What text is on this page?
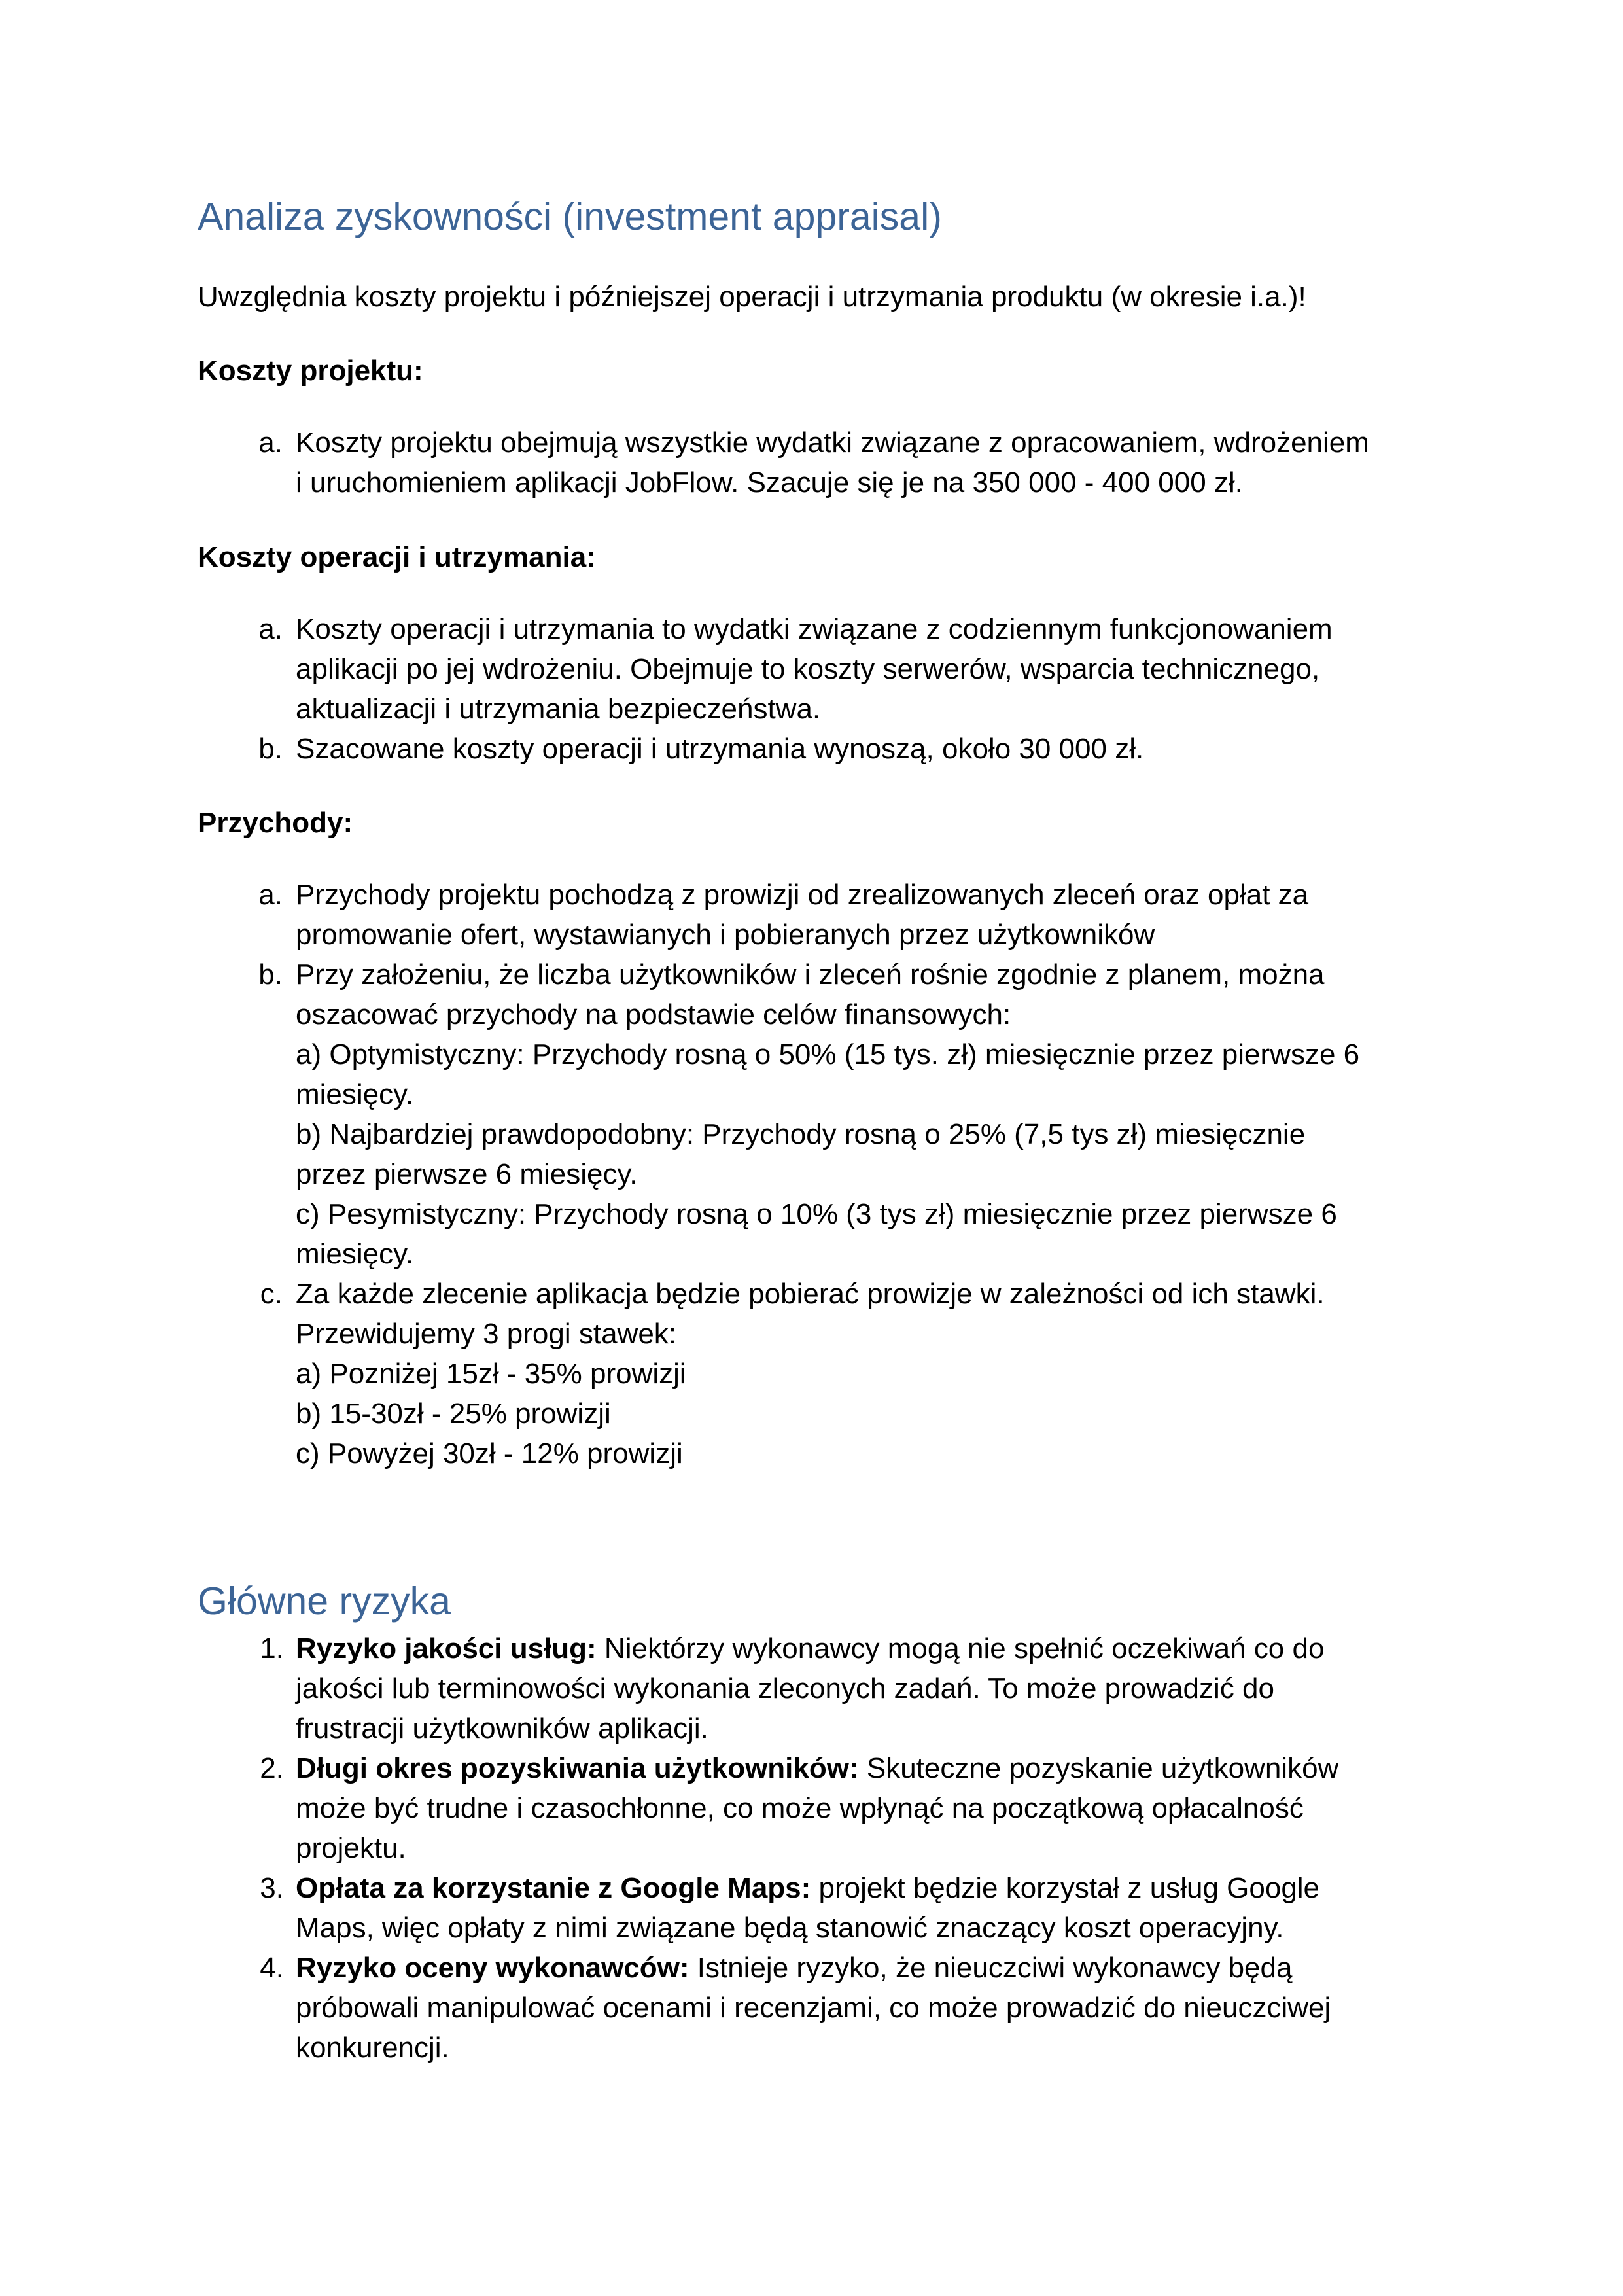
Analiza zyskowności (investment appraisal)

Uwzględnia koszty projektu i późniejszej operacji i utrzymania produktu (w okresie i.a.)!

Koszty projektu:

a. Koszty projektu obejmują wszystkie wydatki związane z opracowaniem, wdrożeniem
i uruchomieniem aplikacji JobFlow. Szacuje się je na 350 000 - 400 000 zł.

Koszty operacji i utrzymania:

a. Koszty operacji i utrzymania to wydatki związane z codziennym funkcjonowaniem
aplikacji po jej wdrożeniu. Obejmuje to koszty serwerów, wsparcia technicznego,
aktualizacji i utrzymania bezpieczeństwa.
b. Szacowane koszty operacji i utrzymania wynoszą, około 30 000 zł.

Przychody:

a. Przychody projektu pochodzą z prowizji od zrealizowanych zleceń oraz opłat za
promowanie ofert, wystawianych i pobieranych przez użytkowników
b. Przy założeniu, że liczba użytkowników i zleceń rośnie zgodnie z planem, można
oszacować przychody na podstawie celów finansowych:
a) Optymistyczny: Przychody rosną o 50% (15 tys. zł) miesięcznie przez pierwsze 6
miesięcy.
b) Najbardziej prawdopodobny: Przychody rosną o 25% (7,5 tys zł) miesięcznie
przez pierwsze 6 miesięcy.
c) Pesymistyczny: Przychody rosną o 10% (3 tys zł) miesięcznie przez pierwsze 6
miesięcy.
c. Za każde zlecenie aplikacja będzie pobierać prowizje w zależności od ich stawki.
Przewidujemy 3 progi stawek:
a) Pozniżej 15zł - 35% prowizji
b) 15-30zł - 25% prowizji
c) Powyżej 30zł - 12% prowizji
Główne ryzyka
1. Ryzyko jakości usług: Niektórzy wykonawcy mogą nie spełnić oczekiwań co do
jakości lub terminowości wykonania zleconych zadań. To może prowadzić do
frustracji użytkowników aplikacji.
2. Długi okres pozyskiwania użytkowników: Skuteczne pozyskanie użytkowników
może być trudne i czasochłonne, co może wpłynąć na początkową opłacalność
projektu.
3. Opłata za korzystanie z Google Maps: projekt będzie korzystał z usług Google
Maps, więc opłaty z nimi związane będą stanowić znaczący koszt operacyjny.
4. Ryzyko oceny wykonawców: Istnieje ryzyko, że nieuczciwi wykonawcy będą
próbowali manipulować ocenami i recenzjami, co może prowadzić do nieuczciwej
konkurencji.
